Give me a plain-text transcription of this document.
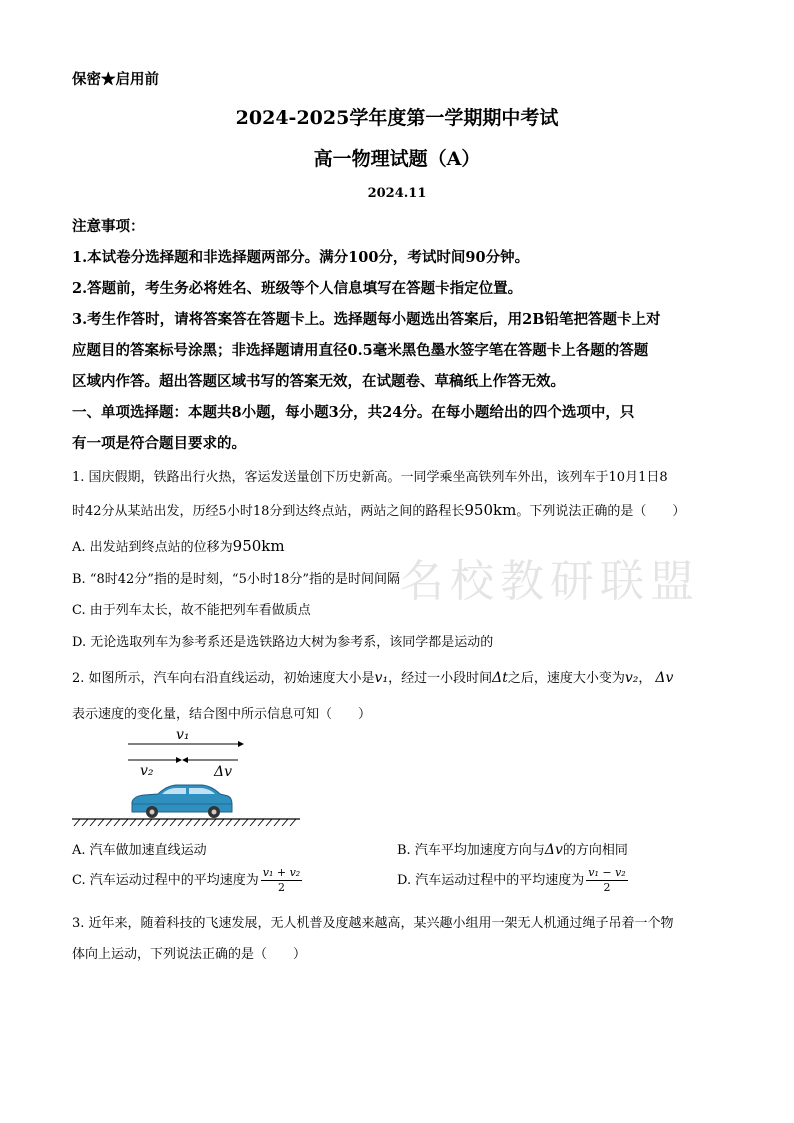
名校教研联盟
保密★启用前
2024-2025学年度第一学期期中考试
高一物理试题（A）
2024.11
注意事项：
1.本试卷分选择题和非选择题两部分。满分100分，考试时间90分钟。
2.答题前，考生务必将姓名、班级等个人信息填写在答题卡指定位置。
3.考生作答时，请将答案答在答题卡上。选择题每小题选出答案后，用2B铅笔把答题卡上对
应题目的答案标号涂黑；非选择题请用直径0.5毫米黑色墨水签字笔在答题卡上各题的答题
区域内作答。超出答题区域书写的答案无效，在试题卷、草稿纸上作答无效。
一、单项选择题：本题共8小题，每小题3分，共24分。在每小题给出的四个选项中，只
有一项是符合题目要求的。
1. 国庆假期，铁路出行火热，客运发送量创下历史新高。一同学乘坐高铁列车外出，该列车于10月1日8
时42分从某站出发，历经5小时18分到达终点站，两站之间的路程长950km。下列说法正确的是（　　）
A. 出发站到终点站的位移为950km
B. “8时42分”指的是时刻，“5小时18分”指的是时间间隔
C. 由于列车太长，故不能把列车看做质点
D. 无论选取列车为参考系还是选铁路边大树为参考系，该同学都是运动的
2. 如图所示，汽车向右沿直线运动，初始速度大小是v₁，经过一小段时间Δt之后，速度大小变为v₂， Δv
表示速度的变化量，结合图中所示信息可知（　　）
v₁
v₂	Δv
A. 汽车做加速直线运动	B. 汽车平均加速度方向与Δv的方向相同
C. 汽车运动过程中的平均速度为 $\frac{\text{v₁ + v₂}}{2}$	D. 汽车运动过程中的平均速度为 $\frac{\text{v₁ − v₂}}{2}$
3. 近年来，随着科技的飞速发展，无人机普及度越来越高，某兴趣小组用一架无人机通过绳子吊着一个物
体向上运动，下列说法正确的是（　　）
